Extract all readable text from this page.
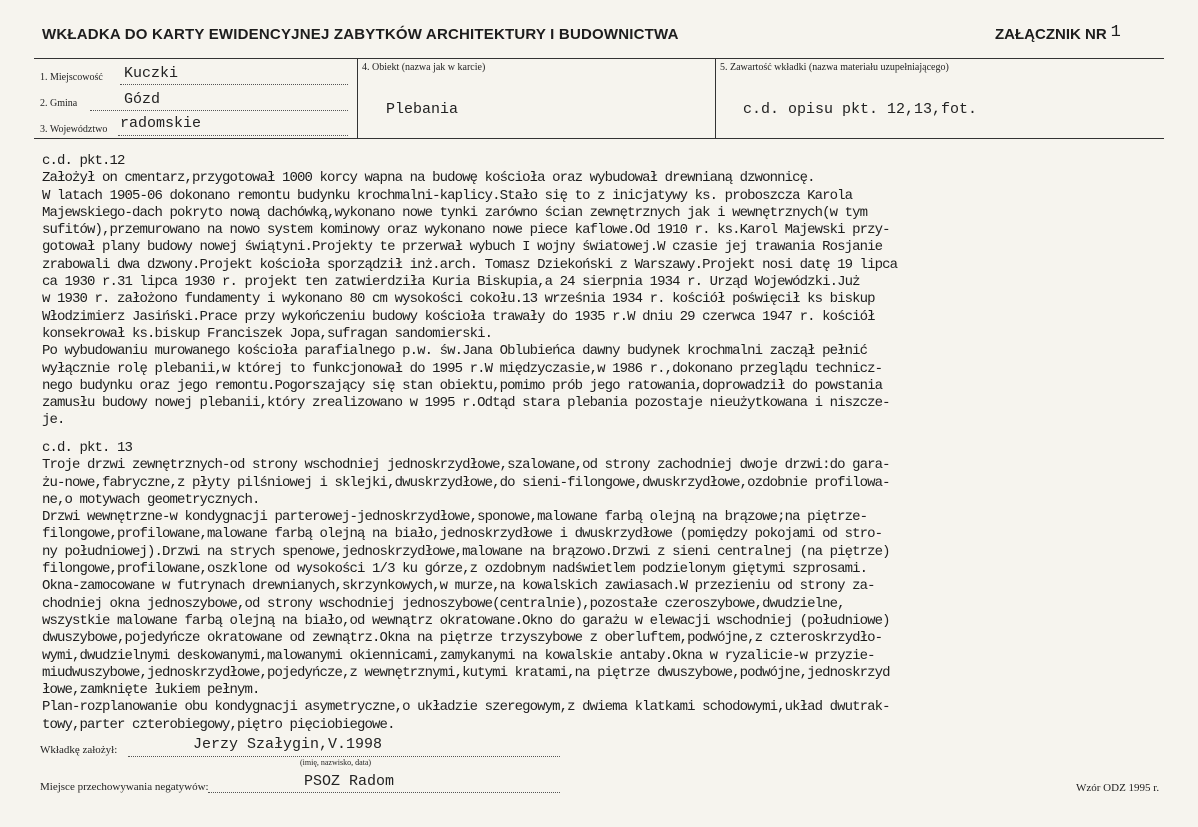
WKŁADKA DO KARTY EWIDENCYJNEJ ZABYTKÓW ARCHITEKTURY I BUDOWNICTWA	ZAŁĄCZNIK NR 1
1. Miejscowość Kuczki
2. Gmina	Gózd
3. Województwo radomskie
4. Obiekt (nazwa jak w karcie)
Plebania
5. Zawartość wkładki (nazwa materiału uzupełniającego)
c.d. opisu pkt. 12,13,fot.

c.d. pkt.12

Założył on cmentarz,przygotował 1000 korcy wapna na budowę kościoła oraz wybudował drewnianą dzwonnicę.

W latach 1905-06 dokonano remontu budynku krochmalni-kaplicy.Stało się to z inicjatywy ks. proboszcza Karola

Majewskiego-dach pokryto nową dachówką,wykonano nowe tynki zarówno ścian zewnętrznych jak i wewnętrznych(w tym

sufitów),przemurowano na nowo system kominowy oraz wykonano nowe piece kaflowe.Od 1910 r. ks.Karol Majewski przy-

gotował plany budowy nowej świątyni.Projekty te przerwał wybuch I wojny światowej.W czasie jej trawania Rosjanie

zrabowali dwa dzwony.Projekt kościoła sporządził inż.arch. Tomasz Dziekoński z Warszawy.Projekt nosi datę 19 lipca

ca 1930 r.31 lipca 1930 r. projekt ten zatwierdziła Kuria Biskupia,a 24 sierpnia 1934 r. Urząd Wojewódzki.Już

w 1930 r. założono fundamenty i wykonano 80 cm wysokości cokołu.13 września 1934 r. kościół poświęcił ks biskup

Włodzimierz Jasiński.Prace przy wykończeniu budowy kościoła trawały do 1935 r.W dniu 29 czerwca 1947 r. kościół

konsekrował ks.biskup Franciszek Jopa,sufragan sandomierski.

Po wybudowaniu murowanego kościoła parafialnego p.w. św.Jana Oblubieńca dawny budynek krochmalni zaczął pełnić

wyłącznie rolę plebanii,w której to funkcjonował do 1995 r.W międzyczasie,w 1986 r.,dokonano przeglądu technicz-

nego budynku oraz jego remontu.Pogorszający się stan obiektu,pomimo prób jego ratowania,doprowadził do powstania

zamusłu budowy nowej plebanii,który zrealizowano w 1995 r.Odtąd stara plebania pozostaje nieużytkowana i niszcze-

je.

c.d. pkt. 13

Troje drzwi zewnętrznych-od strony wschodniej jednoskrzydłowe,szalowane,od strony zachodniej dwoje drzwi:do gara-

żu-nowe,fabryczne,z płyty pilśniowej i sklejki,dwuskrzydłowe,do sieni-filongowe,dwuskrzydłowe,ozdobnie profilowa-

ne,o motywach geometrycznych.

Drzwi wewnętrzne-w kondygnacji parterowej-jednoskrzydłowe,sponowe,malowane farbą olejną na brązowe;na piętrze-

filongowe,profilowane,malowane farbą olejną na biało,jednoskrzydłowe i dwuskrzydłowe (pomiędzy pokojami od stro-

ny południowej).Drzwi na strych spenowe,jednoskrzydłowe,malowane na brązowo.Drzwi z sieni centralnej (na piętrze)

filongowe,profilowane,oszklone od wysokości 1/3 ku górze,z ozdobnym nadświetlem podzielonym giętymi szprosami.

Okna-zamocowane w futrynach drewnianych,skrzynkowych,w murze,na kowalskich zawiasach.W przezieniu od strony za-

chodniej okna jednoszybowe,od strony wschodniej jednoszybowe(centralnie),pozostałe czeroszybowe,dwudzielne,

wszystkie malowane farbą olejną na biało,od wewnątrz okratowane.Okno do garażu w elewacji wschodniej (południowe)

dwuszybowe,pojedyńcze okratowane od zewnątrz.Okna na piętrze trzyszybowe z oberluftem,podwójne,z czteroskrzydło-

wymi,dwudzielnymi deskowanymi,malowanymi okiennicami,zamykanymi na kowalskie antaby.Okna w ryzalicie-w przyzie-

miudwuszybowe,jednoskrzydłowe,pojedyńcze,z wewnętrznymi,kutymi kratami,na piętrze dwuszybowe,podwójne,jednoskrzyd

łowe,zamknięte łukiem pełnym.

Plan-rozplanowanie obu kondygnacji asymetryczne,o układzie szeregowym,z dwiema klatkami schodowymi,układ dwutrak-

towy,parter czterobiegowy,piętro pięciobiegowe.

Wkładkę założył:	Jerzy Szałygin,V.1998
(imię, nazwisko, data)
Miejsce przechowywania negatywów:	PSOZ Radom	Wzór ODZ 1995 r.
